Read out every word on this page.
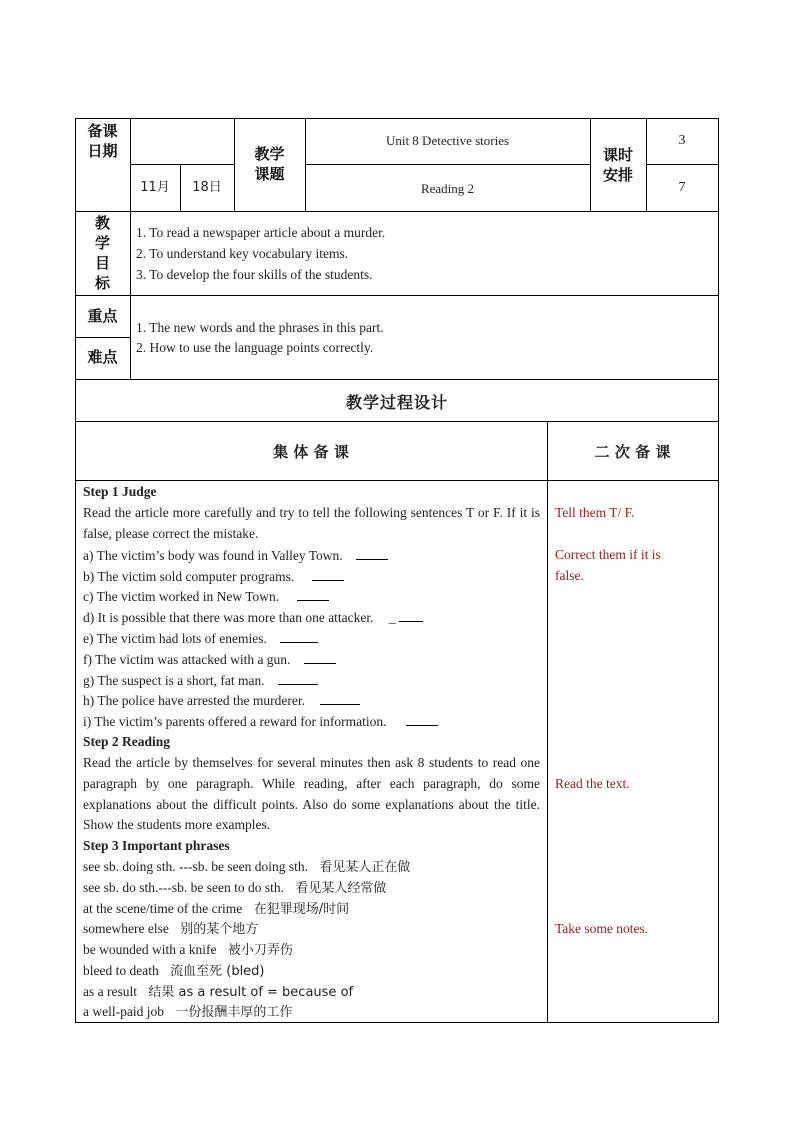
备课
日期
11月	18日
教学
课题
Unit 8 Detective stories
Reading 2
课时
安排
3
7
教
学
目
标
1. To read a newspaper article about a murder.
2. To understand key vocabulary items.
3. To develop the four skills of the students.
重点
难点
1. The new words and the phrases in this part.
2. How to use the language points correctly.
教学过程设计
集 体 备 课	二 次 备 课
Step 1 Judge
Read the article more carefully and try to tell the following sentences T or F. If it is false, please correct the mistake.
a) The victim’s body was found in Valley Town.
b) The victim sold computer programs.
c) The victim worked in New Town.
d) It is possible that there was more than one attacker. _
e) The victim had lots of enemies.
f) The victim was attacked with a gun.
g) The suspect is a short, fat man.
h) The police have arrested the murderer.
i) The victim’s parents offered a reward for information.
Step 2 Reading
Read the article by themselves for several minutes then ask 8 students to read one paragraph by one paragraph. While reading, after each paragraph, do some explanations about the difficult points. Also do some explanations about the title. Show the students more examples.
Step 3 Important phrases
see sb. doing sth. ---sb. be seen doing sth. 看见某人正在做
see sb. do sth.---sb. be seen to do sth. 看见某人经常做
at the scene/time of the crime 在犯罪现场/时间
somewhere else 别的某个地方
be wounded with a knife 被小刀弄伤
bleed to death 流血至死 (bled)
as a result 结果 as a result of = because of
a well-paid job 一份报酬丰厚的工作
Tell them T/ F.
Correct them if it is
false.
Read the text.
Take some notes.
